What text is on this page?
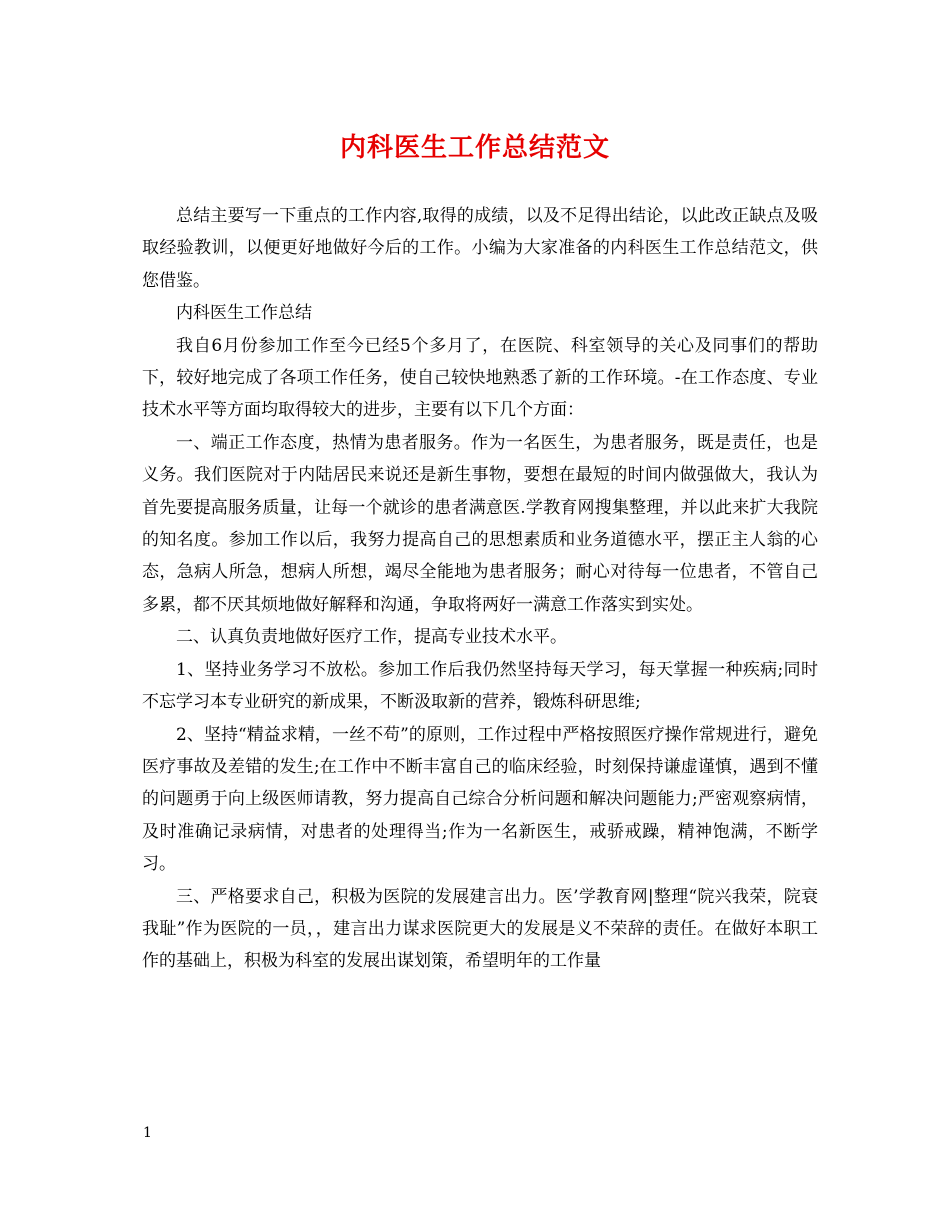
内科医生工作总结范文

总结主要写一下重点的工作内容,取得的成绩，以及不足得出结论，以此改正缺点及吸取经验教训，以便更好地做好今后的工作。小编为大家准备的内科医生工作总结范文，供您借鉴。

内科医生工作总结

我自6月份参加工作至今已经5个多月了，在医院、科室领导的关心及同事们的帮助下，较好地完成了各项工作任务，使自己较快地熟悉了新的工作环境。-在工作态度、专业技术水平等方面均取得较大的进步，主要有以下几个方面：

一、端正工作态度，热情为患者服务。作为一名医生，为患者服务，既是责任，也是义务。我们医院对于内陆居民来说还是新生事物，要想在最短的时间内做强做大，我认为首先要提高服务质量，让每一个就诊的患者满意医.学教育网搜集整理，并以此来扩大我院的知名度。参加工作以后，我努力提高自己的思想素质和业务道德水平，摆正主人翁的心态，急病人所急，想病人所想，竭尽全能地为患者服务；耐心对待每一位患者，不管自己多累，都不厌其烦地做好解释和沟通，争取将两好一满意工作落实到实处。

二、认真负责地做好医疗工作，提高专业技术水平。

1、坚持业务学习不放松。参加工作后我仍然坚持每天学习，每天掌握一种疾病;同时不忘学习本专业研究的新成果，不断汲取新的营养，锻炼科研思维;

2、坚持“精益求精，一丝不苟”的原则，工作过程中严格按照医疗操作常规进行，避免医疗事故及差错的发生;在工作中不断丰富自己的临床经验，时刻保持谦虚谨慎，遇到不懂的问题勇于向上级医师请教，努力提高自己综合分析问题和解决问题能力;严密观察病情，及时准确记录病情，对患者的处理得当;作为一名新医生，戒骄戒躁，精神饱满，不断学习。

三、严格要求自己，积极为医院的发展建言出力。医’学教育网|整理“院兴我荣，院衰我耻”作为医院的一员，，建言出力谋求医院更大的发展是义不荣辞的责任。在做好本职工作的基础上，积极为科室的发展出谋划策，希望明年的工作量

1
